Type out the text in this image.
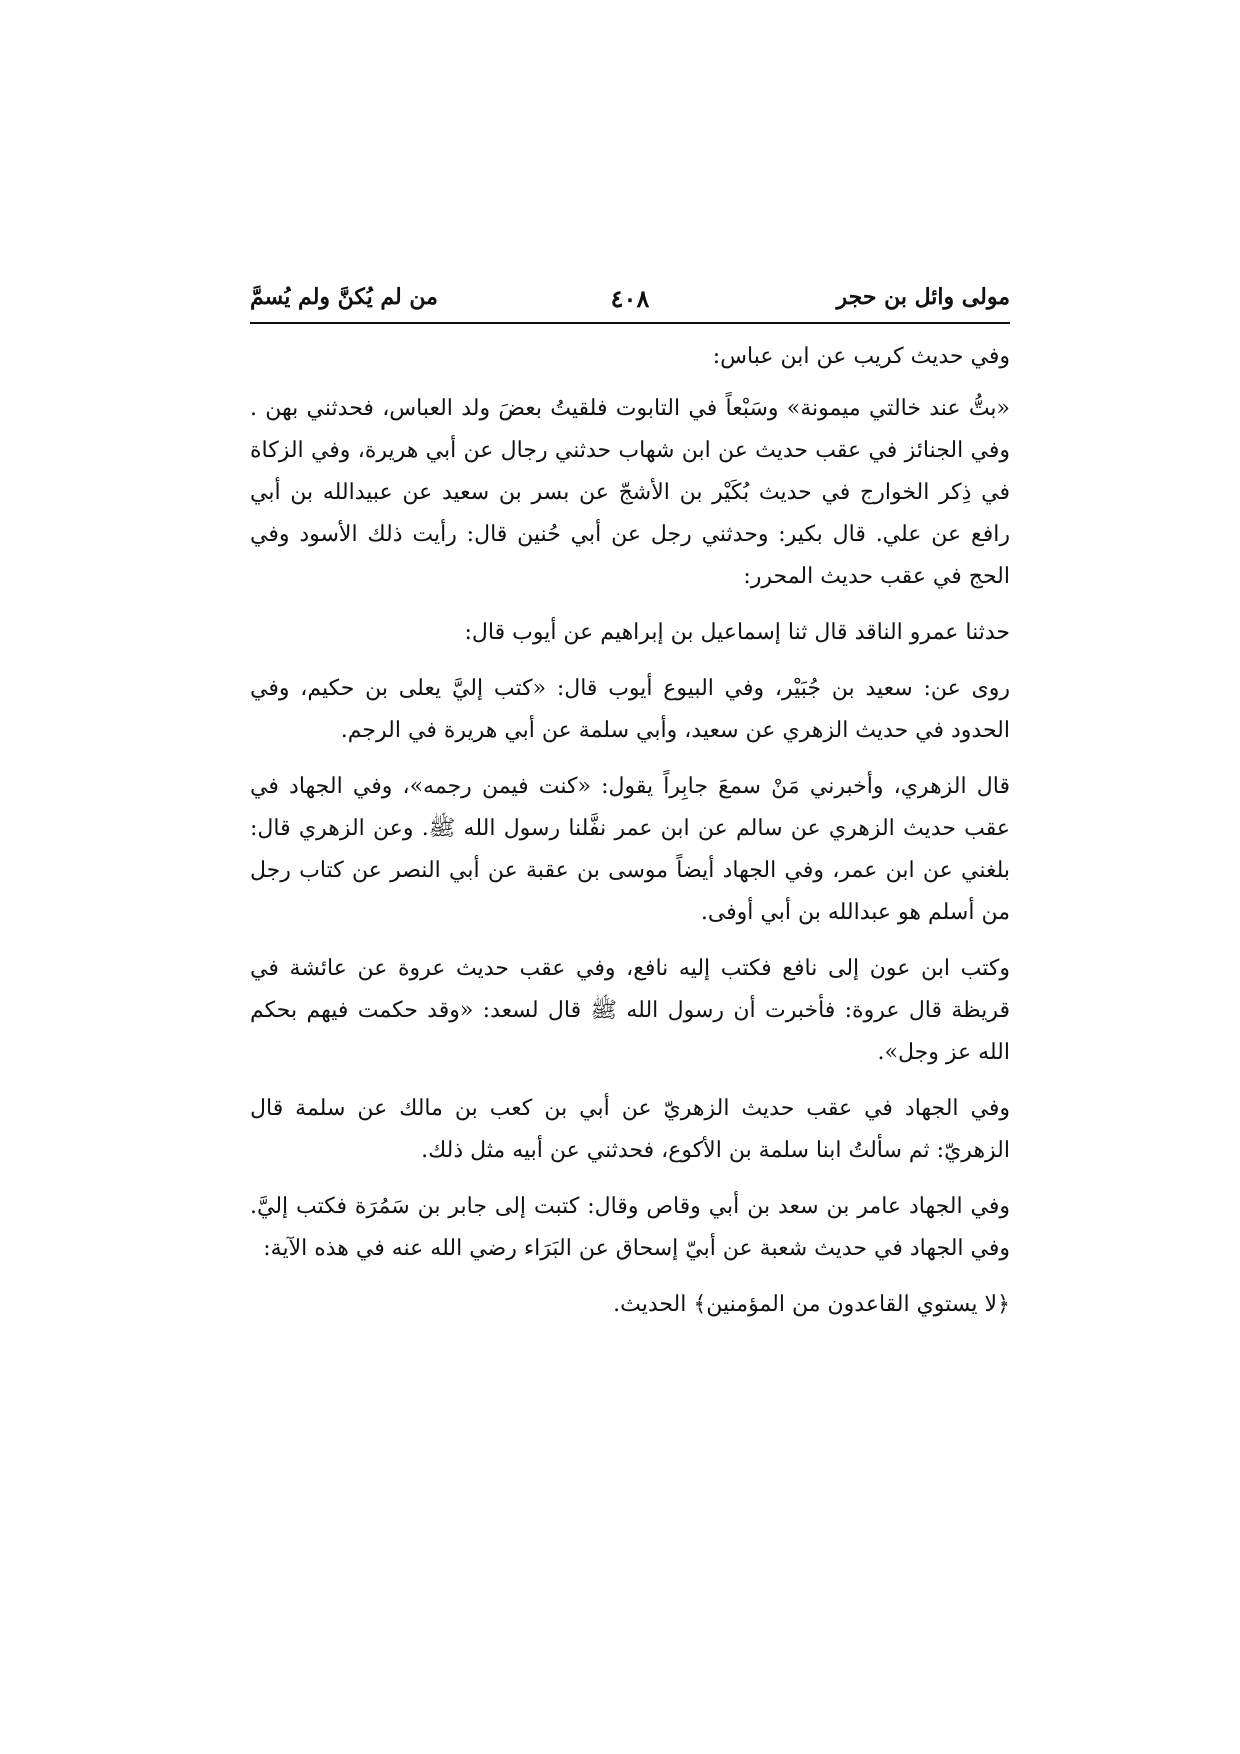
مولى وائل بن حجر
٤٠٨
من لم يُكنَّ ولم يُسمَّ

وفي حديث كريب عن ابن عباس:

«بتُّ عند خالتي ميمونة» وسَبْعاً في التابوت فلقيتُ بعضَ ولد العباس، فحدثني بهن . وفي الجنائز في عقب حديث عن ابن شهاب حدثني رجال عن أبي هريرة، وفي الزكاة في ذِكر الخوارج في حديث بُكَيْر بن الأشجّ عن بسر بن سعيد عن عبيدالله بن أبي رافع عن علي. قال بكير: وحدثني رجل عن أبي حُنين قال: رأيت ذلك الأسود وفي الحج في عقب حديث المحرر:

حدثنا عمرو الناقد قال ثنا إسماعيل بن إبراهيم عن أيوب قال:

روى عن: سعيد بن جُبَيْر، وفي البيوع أيوب قال: «كتب إليَّ يعلى بن حكيم، وفي الحدود في حديث الزهري عن سعيد، وأبي سلمة عن أبي هريرة في الرجم.

قال الزهري، وأخبرني مَنْ سمعَ جابِراً يقول: «كنت فيمن رجمه»، وفي الجهاد في عقب حديث الزهري عن سالم عن ابن عمر نفَّلنا رسول الله ﷺ. وعن الزهري قال: بلغني عن ابن عمر، وفي الجهاد أيضاً موسى بن عقبة عن أبي النصر عن كتاب رجل من أسلم هو عبدالله بن أبي أوفى.

وكتب ابن عون إلى نافع فكتب إليه نافع، وفي عقب حديث عروة عن عائشة في قريظة قال عروة: فأخبرت أن رسول الله ﷺ قال لسعد: «وقد حكمت فيهم بحكم الله عز وجل».

وفي الجهاد في عقب حديث الزهريّ عن أبي بن كعب بن مالك عن سلمة قال الزهريّ: ثم سألتُ ابنا سلمة بن الأكوع، فحدثني عن أبيه مثل ذلك.

وفي الجهاد عامر بن سعد بن أبي وقاص وقال: كتبت إلى جابر بن سَمُرَة فكتب إليَّ. وفي الجهاد في حديث شعبة عن أبيّ إسحاق عن البَرَاء رضي الله عنه في هذه الآية:

﴿لا يستوي القاعدون من المؤمنين﴾ الحديث.
